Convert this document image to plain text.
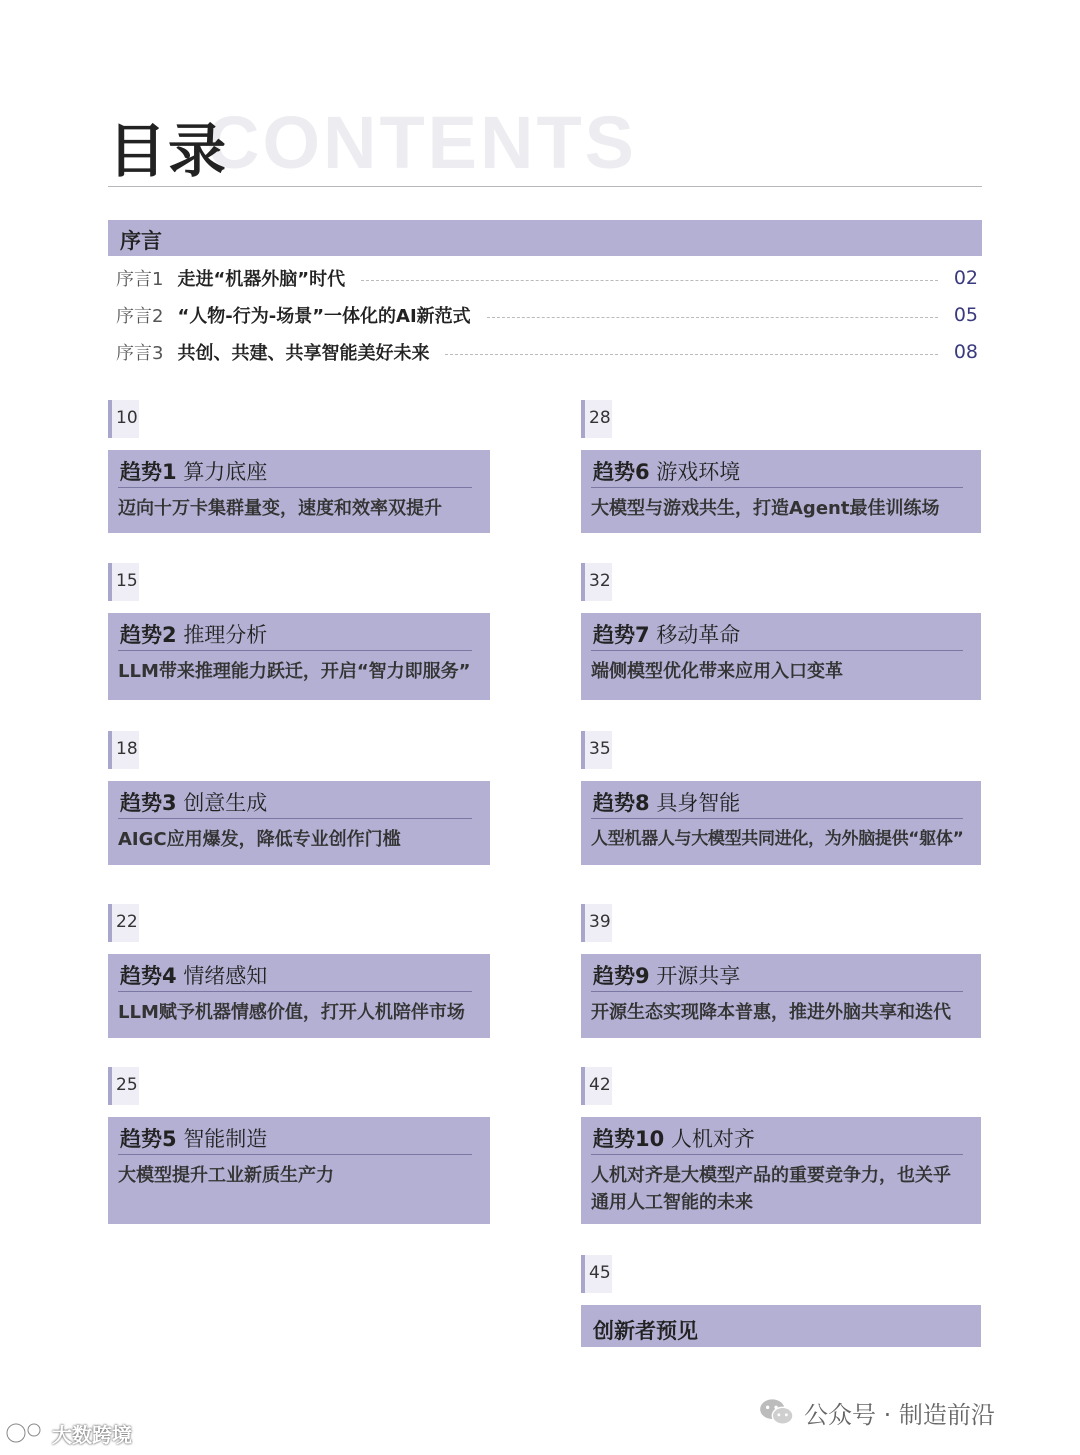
CONTENTS
目录
序言
序言1 走进“机器外脑”时代	02
序言2 “人物-行为-场景”一体化的AI新范式	05
序言3 共创、共建、共享智能美好未来	08
10
趋势1 算力底座
迈向十万卡集群量变，速度和效率双提升
15
趋势2 推理分析
LLM带来推理能力跃迁，开启“智力即服务”
18
趋势3 创意生成
AIGC应用爆发，降低专业创作门槛
22
趋势4 情绪感知
LLM赋予机器情感价值，打开人机陪伴市场
25
趋势5 智能制造
大模型提升工业新质生产力
28
趋势6 游戏环境
大模型与游戏共生，打造Agent最佳训练场
32
趋势7 移动革命
端侧模型优化带来应用入口变革
35
趋势8 具身智能
人型机器人与大模型共同进化，为外脑提供“躯体”
39
趋势9 开源共享
开源生态实现降本普惠，推进外脑共享和迭代
42
趋势10 人机对齐
人机对齐是大模型产品的重要竞争力，也关乎通用人工智能的未来
45
创新者预见
公众号 · 制造前沿
大数跨境
